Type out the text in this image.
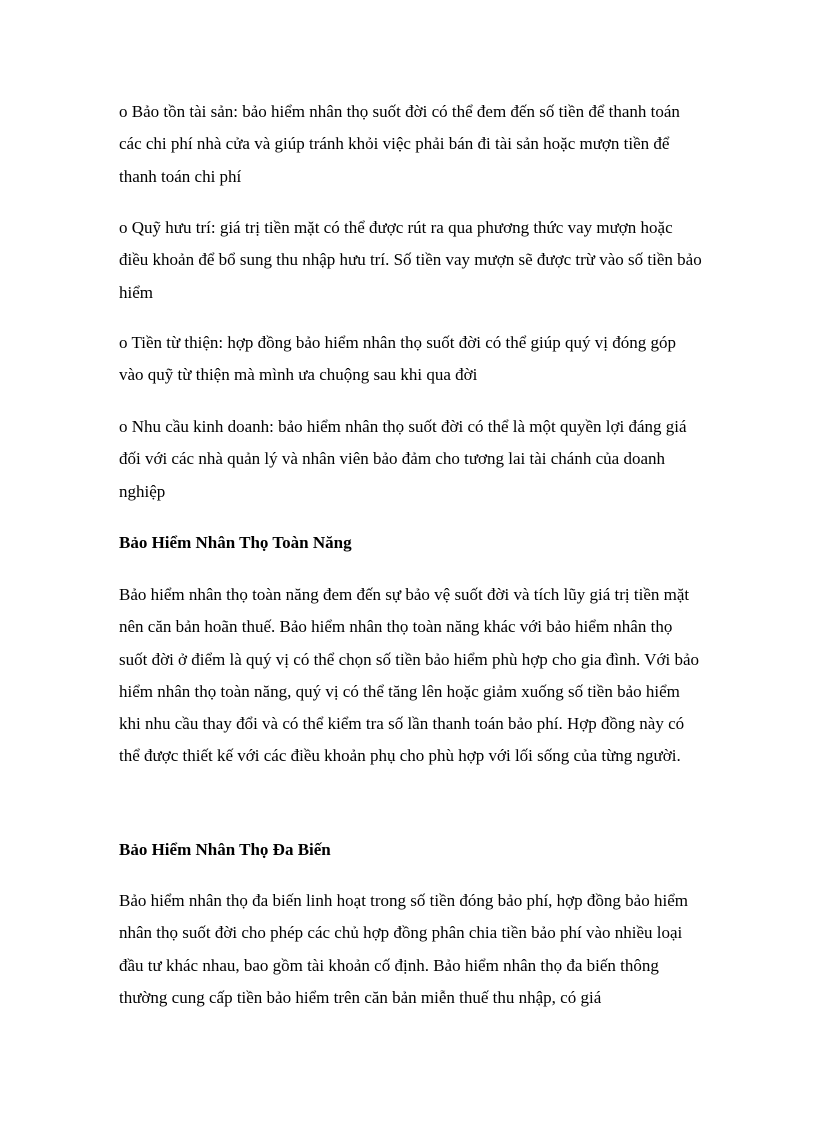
o Bảo tồn tài sản: bảo hiểm nhân thọ suốt đời có thể đem đến số tiền để thanh toán các chi phí nhà cửa và giúp tránh khỏi việc phải bán đi tài sản hoặc mượn tiền để thanh toán chi phí

o Quỹ hưu trí: giá trị tiền mặt có thể được rút ra qua phương thức vay mượn hoặc điều khoản để bổ sung thu nhập hưu trí. Số tiền vay mượn sẽ được trừ vào số tiền bảo hiểm

o Tiền từ thiện: hợp đồng bảo hiểm nhân thọ suốt đời có thể giúp quý vị đóng góp vào quỹ từ thiện mà mình ưa chuộng sau khi qua đời

o Nhu cầu kinh doanh: bảo hiểm nhân thọ suốt đời có thể là một quyền lợi đáng giá đối với các nhà quản lý và nhân viên bảo đảm cho tương lai tài chánh của doanh nghiệp

Bảo Hiểm Nhân Thọ Toàn Năng

Bảo hiểm nhân thọ toàn năng đem đến sự bảo vệ suốt đời và tích lũy giá trị tiền mặt nên căn bản hoãn thuế. Bảo hiểm nhân thọ toàn năng khác với bảo hiểm nhân thọ suốt đời ở điểm là quý vị có thể chọn số tiền bảo hiểm phù hợp cho gia đình. Với bảo hiểm nhân thọ toàn năng, quý vị có thể tăng lên hoặc giảm xuống số tiền bảo hiểm khi nhu cầu thay đổi và có thể kiểm tra số lần thanh toán bảo phí. Hợp đồng này có thể được thiết kế với các điều khoản phụ cho phù hợp với lối sống của từng người.

Bảo Hiểm Nhân Thọ Đa Biến

Bảo hiểm nhân thọ đa biến linh hoạt trong số tiền đóng bảo phí, hợp đồng bảo hiểm nhân thọ suốt đời cho phép các chủ hợp đồng phân chia tiền bảo phí vào nhiều loại đầu tư khác nhau, bao gồm tài khoản cố định. Bảo hiểm nhân thọ đa biến thông thường cung cấp tiền bảo hiểm trên căn bản miễn thuế thu nhập, có giá
